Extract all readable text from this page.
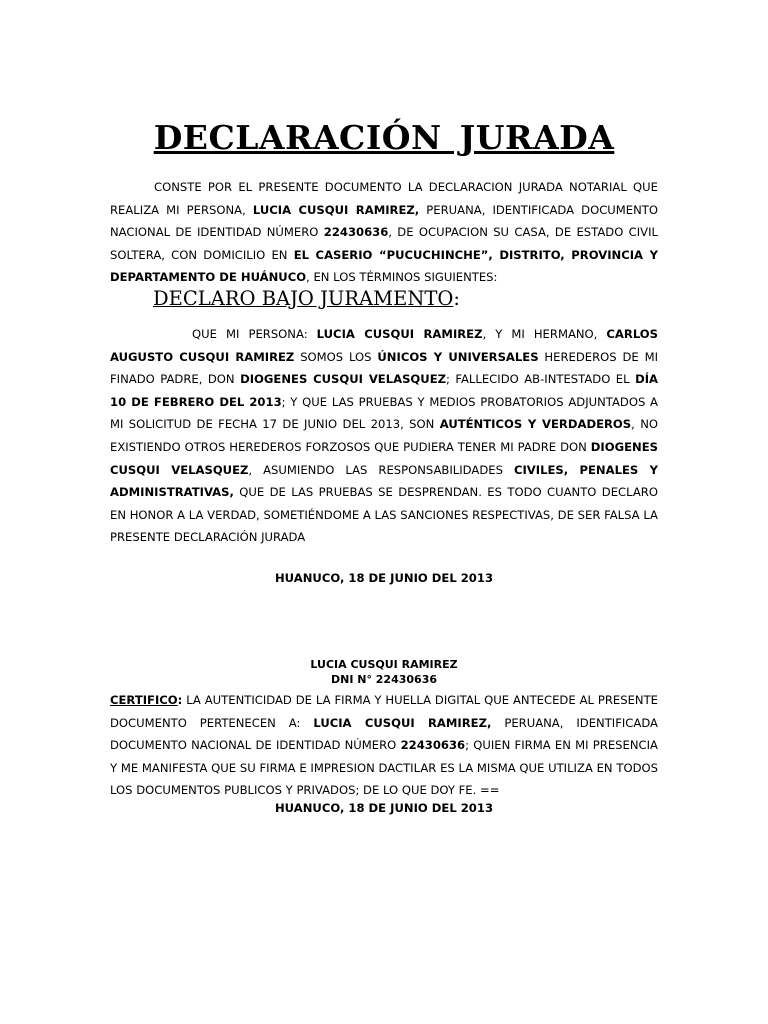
DECLARACIÓN JURADA

CONSTE POR EL PRESENTE DOCUMENTO LA DECLARACION JURADA NOTARIAL QUE REALIZA MI PERSONA, LUCIA CUSQUI RAMIREZ, PERUANA, IDENTIFICADA DOCUMENTO NACIONAL DE IDENTIDAD NÚMERO 22430636, DE OCUPACION SU CASA, DE ESTADO CIVIL SOLTERA, CON DOMICILIO EN EL CASERIO “PUCUCHINCHE”, DISTRITO, PROVINCIA Y DEPARTAMENTO DE HUÁNUCO, EN LOS TÉRMINOS SIGUIENTES:

DECLARO BAJO JURAMENTO:

QUE MI PERSONA: LUCIA CUSQUI RAMIREZ, Y MI HERMANO, CARLOS AUGUSTO CUSQUI RAMIREZ SOMOS LOS ÚNICOS Y UNIVERSALES HEREDEROS DE MI FINADO PADRE, DON DIOGENES CUSQUI VELASQUEZ; FALLECIDO AB-INTESTADO EL DÍA 10 DE FEBRERO DEL 2013; Y QUE LAS PRUEBAS Y MEDIOS PROBATORIOS ADJUNTADOS A MI SOLICITUD DE FECHA 17 DE JUNIO DEL 2013, SON AUTÉNTICOS Y VERDADEROS, NO EXISTIENDO OTROS HEREDEROS FORZOSOS QUE PUDIERA TENER MI PADRE DON DIOGENES CUSQUI VELASQUEZ, ASUMIENDO LAS RESPONSABILIDADES CIVILES, PENALES Y ADMINISTRATIVAS, QUE DE LAS PRUEBAS SE DESPRENDAN. ES TODO CUANTO DECLARO EN HONOR A LA VERDAD, SOMETIÉNDOME A LAS SANCIONES RESPECTIVAS, DE SER FALSA LA PRESENTE DECLARACIÓN JURADA

HUANUCO, 18 DE JUNIO DEL 2013
LUCIA CUSQUI RAMIREZ
DNI N° 22430636

CERTIFICO: LA AUTENTICIDAD DE LA FIRMA Y HUELLA DIGITAL QUE ANTECEDE AL PRESENTE DOCUMENTO PERTENECEN A: LUCIA CUSQUI RAMIREZ, PERUANA, IDENTIFICADA DOCUMENTO NACIONAL DE IDENTIDAD NÚMERO 22430636; QUIEN FIRMA EN MI PRESENCIA Y ME MANIFESTA QUE SU FIRMA E IMPRESION DACTILAR ES LA MISMA QUE UTILIZA EN TODOS LOS DOCUMENTOS PUBLICOS Y PRIVADOS; DE LO QUE DOY FE. ==

HUANUCO, 18 DE JUNIO DEL 2013
